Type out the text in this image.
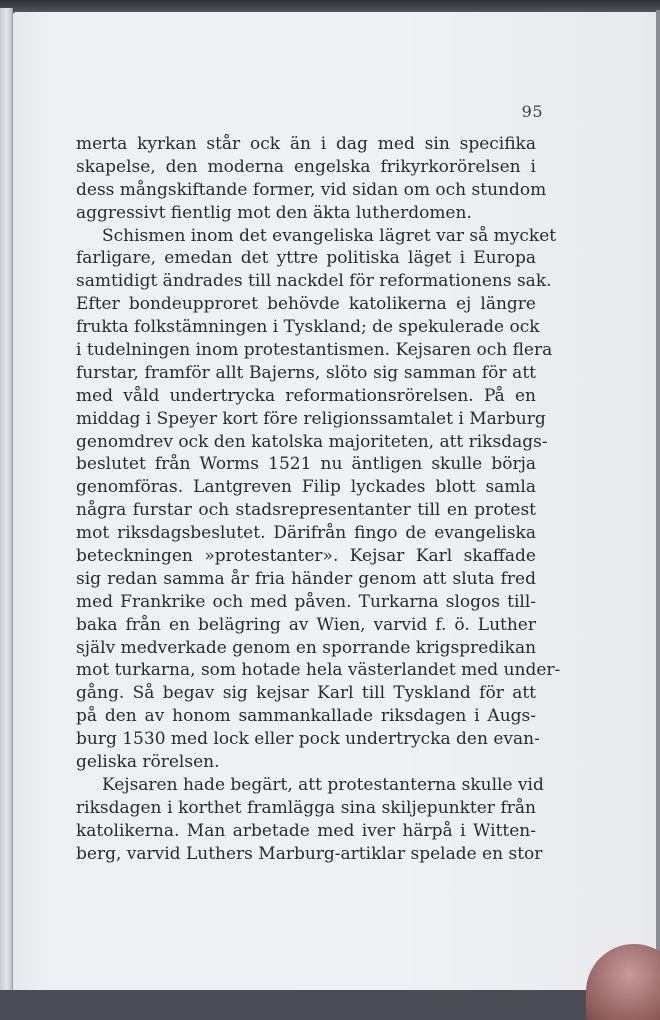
95
merta kyrkan står ock än i dag med sin specifika
skapelse, den moderna engelska frikyrkorörelsen i
dess mångskiftande former, vid sidan om och stundom
aggressivt fientlig mot den äkta lutherdomen.
Schismen inom det evangeliska lägret var så mycket
farligare, emedan det yttre politiska läget i Europa
samtidigt ändrades till nackdel för reformationens sak.
Efter bondeupproret behövde katolikerna ej längre
frukta folkstämningen i Tyskland; de spekulerade ock
i tudelningen inom protestantismen. Kejsaren och flera
furstar, framför allt Bajerns, slöto sig samman för att
med våld undertrycka reformationsrörelsen. På en
middag i Speyer kort före religionssamtalet i Marburg
genomdrev ock den katolska majoriteten, att riksdags-
beslutet från Worms 1521 nu äntligen skulle börja
genomföras. Lantgreven Filip lyckades blott samla
några furstar och stadsrepresentanter till en protest
mot riksdagsbeslutet. Därifrån fingo de evangeliska
beteckningen »protestanter». Kejsar Karl skaffade
sig redan samma år fria händer genom att sluta fred
med Frankrike och med påven. Turkarna slogos till-
baka från en belägring av Wien, varvid f. ö. Luther
själv medverkade genom en sporrande krigspredikan
mot turkarna, som hotade hela västerlandet med under-
gång. Så begav sig kejsar Karl till Tyskland för att
på den av honom sammankallade riksdagen i Augs-
burg 1530 med lock eller pock undertrycka den evan-
geliska rörelsen.
Kejsaren hade begärt, att protestanterna skulle vid
riksdagen i korthet framlägga sina skiljepunkter från
katolikerna. Man arbetade med iver härpå i Witten-
berg, varvid Luthers Marburg-artiklar spelade en stor
